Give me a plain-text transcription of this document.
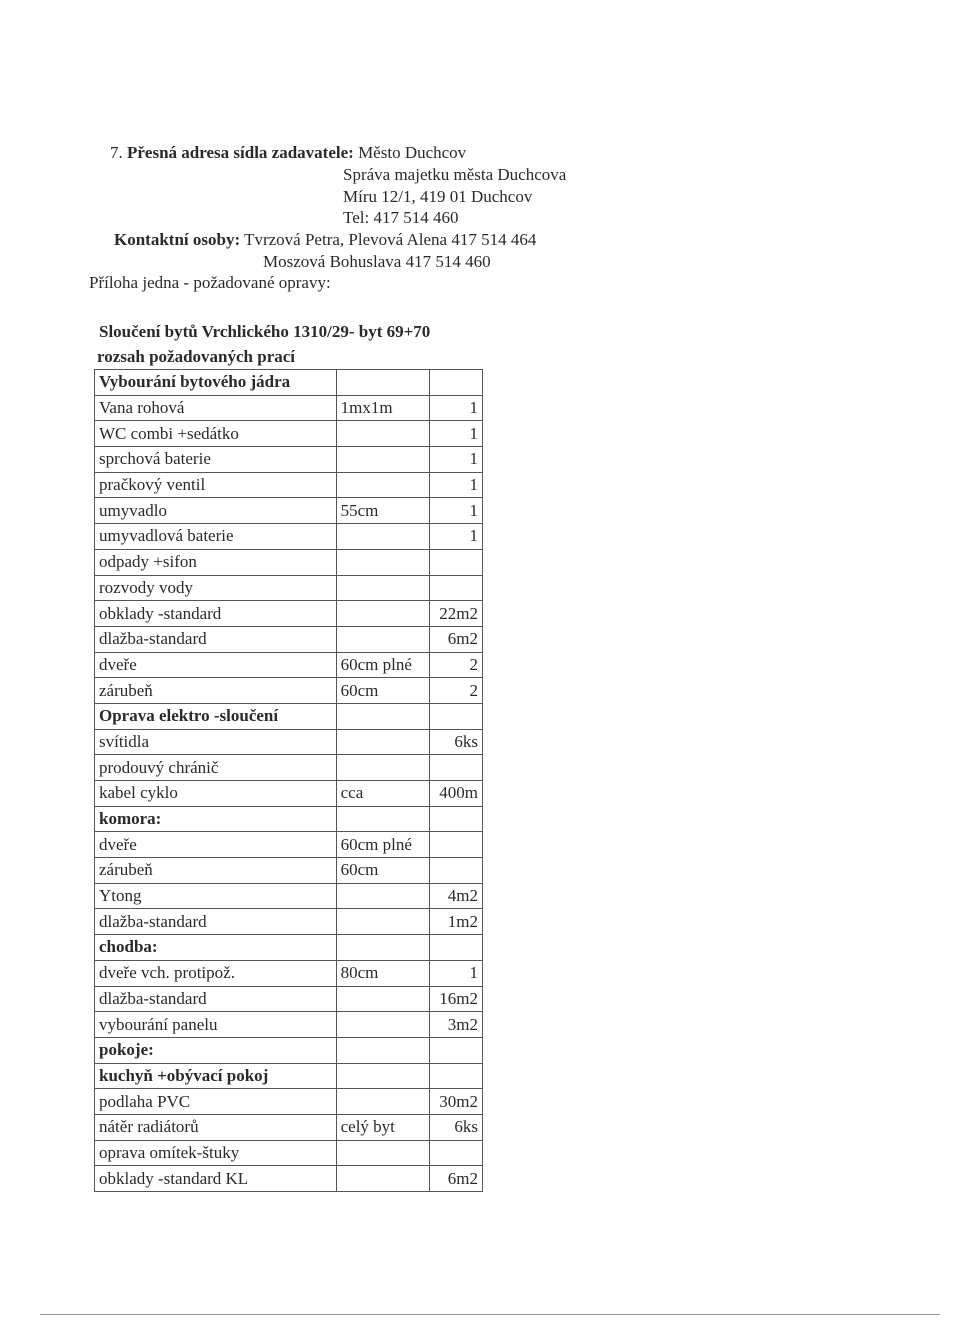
7. Přesná adresa sídla zadavatele: Město Duchcov
Správa majetku města Duchcova
Míru 12/1, 419 01 Duchcov
Tel: 417 514 460
Kontaktní osoby: Tvrzová Petra, Plevová Alena 417 514 464
Moszová Bohuslava 417 514 460
Příloha jedna - požadované opravy:
Sloučení bytů Vrchlického 1310/29- byt 69+70
rozsah požadovaných prací
Vybourání bytového jádra		
Vana rohová	1mx1m	1
WC combi +sedátko		1
sprchová baterie		1
pračkový ventil		1
umyvadlo	55cm	1
umyvadlová baterie		1
odpady +sifon		
rozvody vody		
obklady -standard		22m2
dlažba-standard		6m2
dveře	60cm plné	2
zárubeň	60cm	2
Oprava elektro -sloučení		
svítidla		6ks
prodouvý chránič		
kabel cyklo	cca	400m
komora:		
dveře	60cm plné	
zárubeň	60cm	
Ytong		4m2
dlažba-standard		1m2
chodba:		
dveře vch. protipož.	80cm	1
dlažba-standard		16m2
vybourání panelu		3m2
pokoje:		
kuchyň +obývací pokoj		
podlaha PVC		30m2
nátěr radiátorů	celý byt	6ks
oprava omítek-štuky		
obklady -standard KL		6m2
